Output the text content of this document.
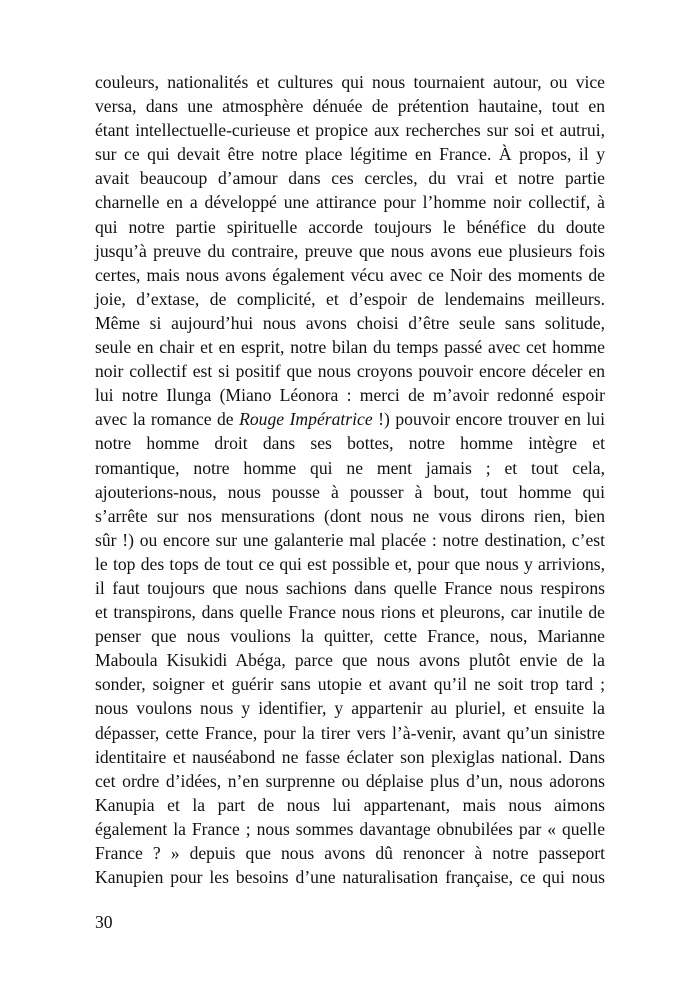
couleurs, nationalités et cultures qui nous tournaient autour, ou vice
versa, dans une atmosphère dénuée de prétention hautaine, tout en
étant intellectuelle-curieuse et propice aux recherches sur soi et autrui,
sur ce qui devait être notre place légitime en France. À propos, il y
avait beaucoup d’amour dans ces cercles, du vrai et notre partie
charnelle en a développé une attirance pour l’homme noir collectif, à
qui notre partie spirituelle accorde toujours le bénéfice du doute
jusqu’à preuve du contraire, preuve que nous avons eue plusieurs fois
certes, mais nous avons également vécu avec ce Noir des moments de
joie, d’extase, de complicité, et d’espoir de lendemains meilleurs.
Même si aujourd’hui nous avons choisi d’être seule sans solitude,
seule en chair et en esprit, notre bilan du temps passé avec cet homme
noir collectif est si positif que nous croyons pouvoir encore déceler en
lui notre Ilunga (Miano Léonora : merci de m’avoir redonné espoir
avec la romance de Rouge Impératrice !) pouvoir encore trouver en lui
notre homme droit dans ses bottes, notre homme intègre et
romantique, notre homme qui ne ment jamais ; et tout cela,
ajouterions-nous, nous pousse à pousser à bout, tout homme qui
s’arrête sur nos mensurations (dont nous ne vous dirons rien, bien
sûr !) ou encore sur une galanterie mal placée : notre destination, c’est
le top des tops de tout ce qui est possible et, pour que nous y arrivions,
il faut toujours que nous sachions dans quelle France nous respirons
et transpirons, dans quelle France nous rions et pleurons, car inutile de
penser que nous voulions la quitter, cette France, nous, Marianne
Maboula Kisukidi Abéga, parce que nous avons plutôt envie de la
sonder, soigner et guérir sans utopie et avant qu’il ne soit trop tard ;
nous voulons nous y identifier, y appartenir au pluriel, et ensuite la
dépasser, cette France, pour la tirer vers l’à-venir, avant qu’un sinistre
identitaire et nauséabond ne fasse éclater son plexiglas national. Dans
cet ordre d’idées, n’en surprenne ou déplaise plus d’un, nous adorons
Kanupia et la part de nous lui appartenant, mais nous aimons
également la France ; nous sommes davantage obnubilées par « quelle
France ? » depuis que nous avons dû renoncer à notre passeport
Kanupien pour les besoins d’une naturalisation française, ce qui nous
30
